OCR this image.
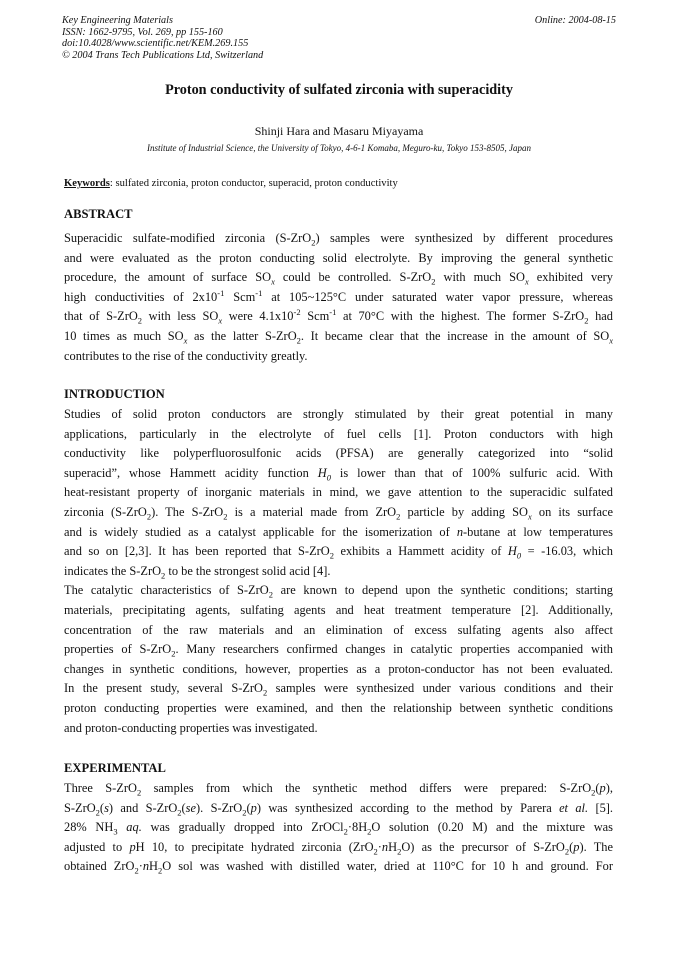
Key Engineering Materials
ISSN: 1662-9795, Vol. 269, pp 155-160
doi:10.4028/www.scientific.net/KEM.269.155
© 2004 Trans Tech Publications Ltd, Switzerland
Online: 2004-08-15
Proton conductivity of sulfated zirconia with superacidity
Shinji Hara and Masaru Miyayama
Institute of Industrial Science, the University of Tokyo, 4-6-1 Komaba, Meguro-ku, Tokyo 153-8505, Japan
Keywords: sulfated zirconia, proton conductor, superacid, proton conductivity
ABSTRACT
Superacidic sulfate-modified zirconia (S-ZrO$_2$) samples were synthesized by different procedures
and were evaluated as the proton conducting solid electrolyte. By improving the general synthetic
procedure, the amount of surface $SO_x$ could be controlled. S-ZrO$_2$ with much $SO_x$ exhibited very
high conductivities of $2x10^{-1}$ Scm$^{-1}$ at 105~125°C under saturated water vapor pressure, whereas
that of S-ZrO$_2$ with less $SO_x$ were $4.1x10^{-2}$ Scm$^{-1}$ at 70°C with the highest. The former S-ZrO$_2$ had
10 times as much $SO_x$ as the latter S-ZrO$_2$. It became clear that the increase in the amount of $SO_x$
contributes to the rise of the conductivity greatly.
INTRODUCTION
Studies of solid proton conductors are strongly stimulated by their great potential in many
applications, particularly in the electrolyte of fuel cells [1]. Proton conductors with high
conductivity like polyperfluorosulfonic acids (PFSA) are generally categorized into “solid
superacid”, whose Hammett acidity function $H_0$ is lower than that of 100% sulfuric acid. With
heat-resistant property of inorganic materials in mind, we gave attention to the superacidic sulfated
zirconia (S-ZrO$_2$). The S-ZrO$_2$ is a material made from ZrO$_2$ particle by adding $SO_x$ on its surface
and is widely studied as a catalyst applicable for the isomerization of n-butane at low temperatures
and so on [2,3]. It has been reported that S-ZrO$_2$ exhibits a Hammett acidity of $H_0 = -16.03$, which
indicates the S-ZrO$_2$ to be the strongest solid acid [4].
The catalytic characteristics of S-ZrO$_2$ are known to depend upon the synthetic conditions; starting
materials, precipitating agents, sulfating agents and heat treatment temperature [2]. Additionally,
concentration of the raw materials and an elimination of excess sulfating agents also affect
properties of S-ZrO$_2$. Many researchers confirmed changes in catalytic properties accompanied with
changes in synthetic conditions, however, properties as a proton-conductor has not been evaluated.
In the present study, several S-ZrO$_2$ samples were synthesized under various conditions and their
proton conducting properties were examined, and then the relationship between synthetic conditions
and proton-conducting properties was investigated.
EXPERIMENTAL
Three S-ZrO$_2$ samples from which the synthetic method differs were prepared: S-ZrO$_2$(p),
S-ZrO$_2$(s) and S-ZrO$_2$(se). S-ZrO$_2$(p) was synthesized according to the method by Parera et al. [5].
28% $NH_3$ aq. was gradually dropped into $ZrOCl_2\cdot 8H_2O$ solution (0.20 M) and the mixture was
adjusted to pH 10, to precipitate hydrated zirconia $(ZrO_2\cdot nH_2O)$ as the precursor of S-ZrO$_2$(p). The
obtained $ZrO_2\cdot nH_2O$ sol was washed with distilled water, dried at 110°C for 10 h and ground. For
